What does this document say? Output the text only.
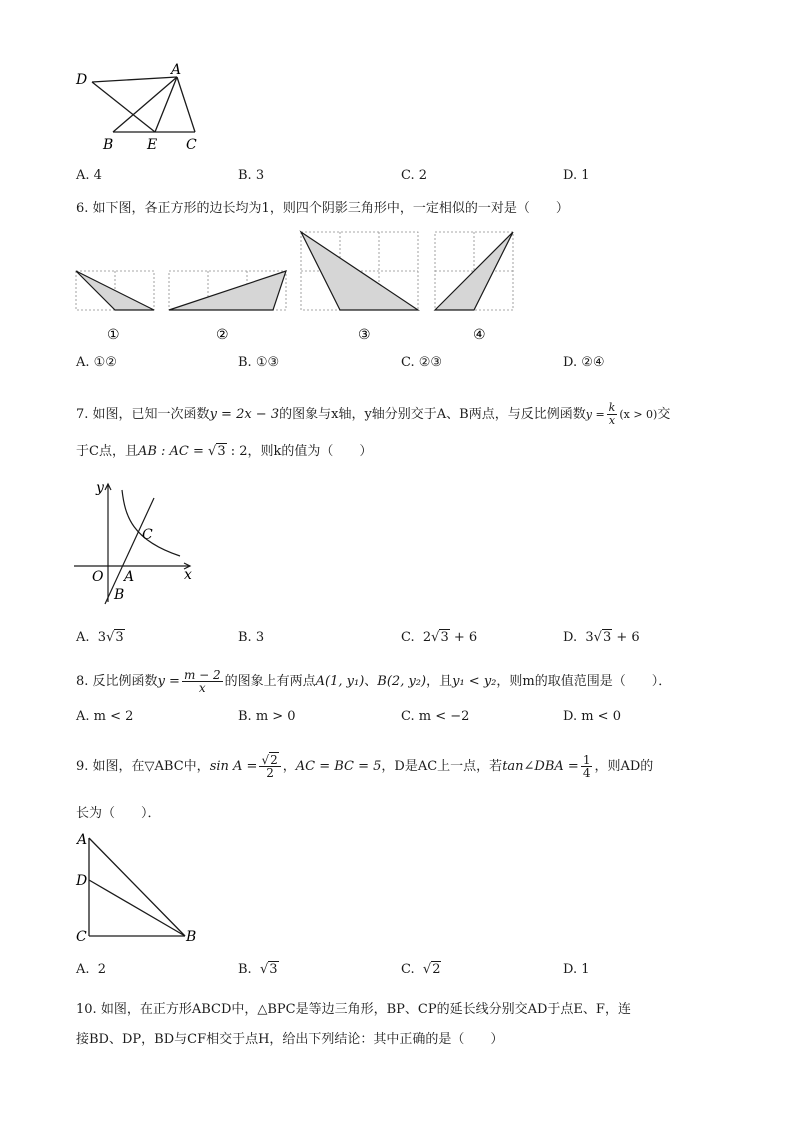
D
A
B E C
A. 4	B. 3	C. 2	D. 1
6. 如下图，各正方形的边长均为1，则四个阴影三角形中，一定相似的一对是（　　）
①	②	③	④
A. ①②	B. ①③	C. ②③	D. ②④
7. 如图，已知一次函数y = 2x − 3的图象与x轴，y轴分别交于A、B两点，与反比例函数$y = \frac{k}{x} (x > 0)$交
于C点，且AB : AC = √3 : 2，则k的值为（　　）
y
C
O A	x
B
A. 3√3	B. 3	C. 2√3 + 6	D. 3√3 + 6
8. 反比例函数$y = \frac{m - 2}{x}$ 的图象上有两点A(1, y₁)、B(2, y₂)，且y₁ < y₂，则m的取值范围是（　　）．
A. m < 2	B. m > 0	C. m < −2	D. m < 0
9. 如图，在▽ABC中，$\sin A = \frac{√2}{2}$ ，AC = BC = 5，D是AC上一点，若tan∠DBA = $\frac{1}{4}$ ，则AD的
长为（　　）．
A
D
C	B
A. 2	B.  √3	C.  √2	D. 1
10. 如图，在正方形ABCD中，△BPC是等边三角形，BP、CP的延长线分别交AD于点E、F，连
接BD、DP，BD与CF相交于点H，给出下列结论：其中正确的是（　　）
